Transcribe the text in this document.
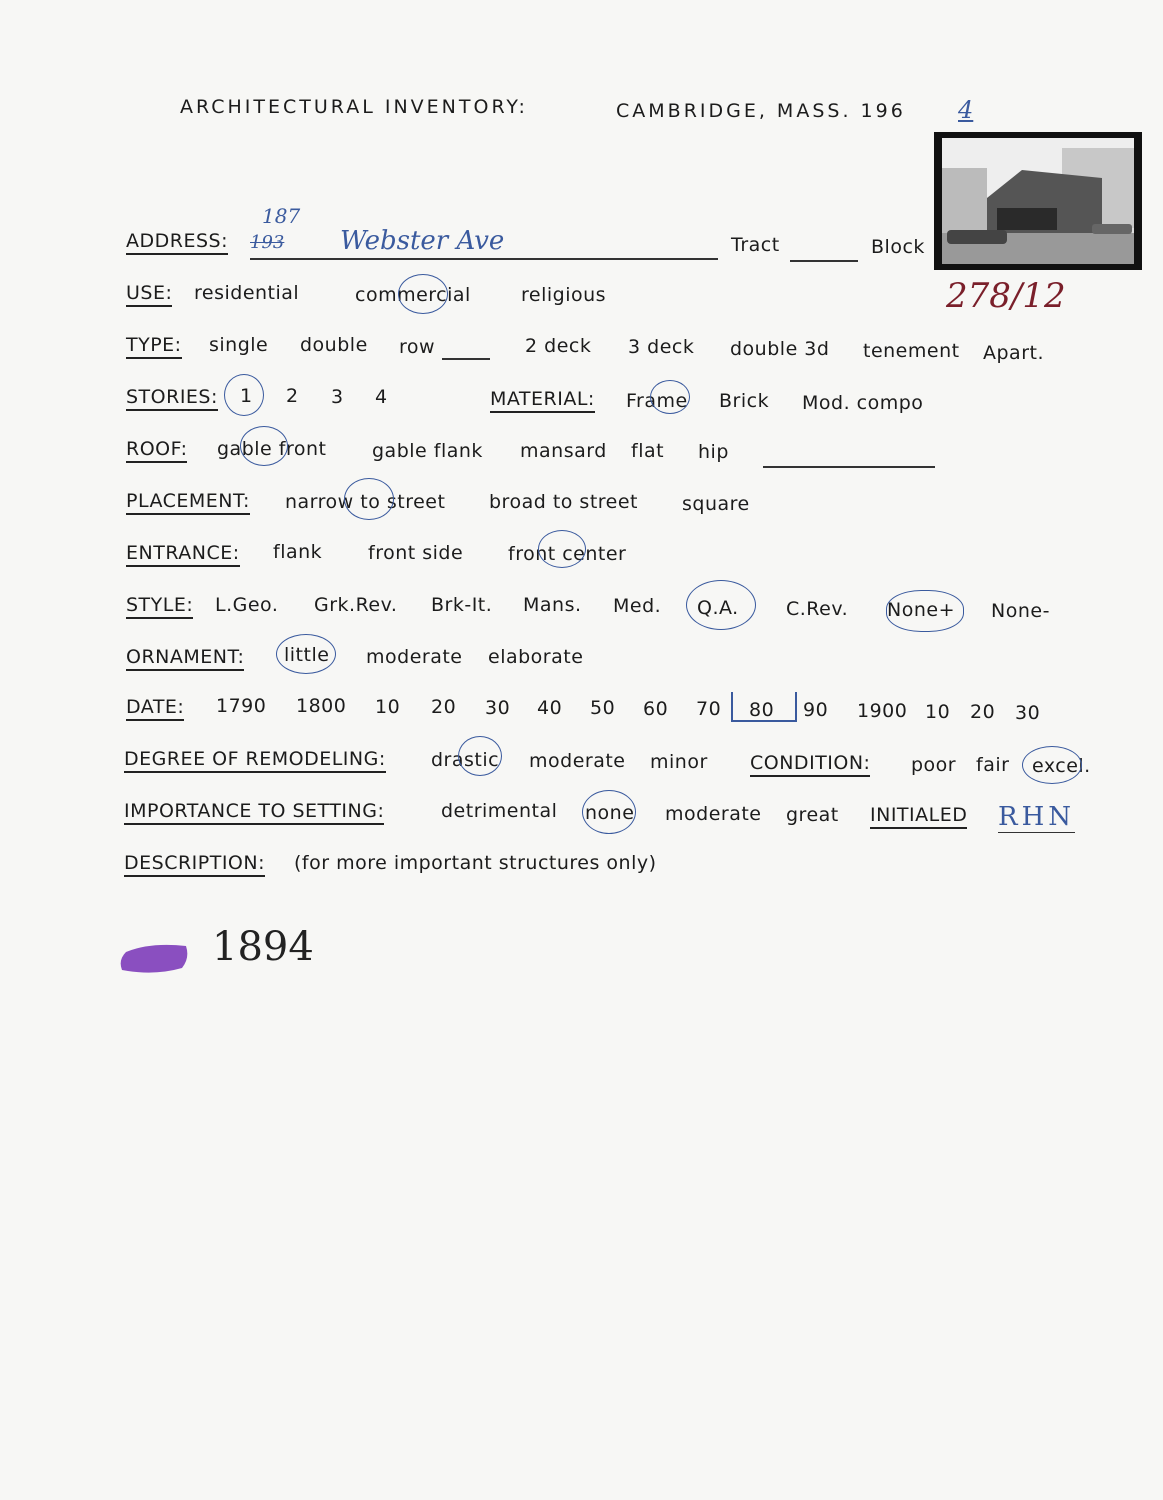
ARCHITECTURAL INVENTORY:	CAMBRIDGE, MASS. 196 4
278/12
ADDRESS:
187
193 Webster Ave	Tract	Block
USE: residential	commercial	religious
TYPE: single double row	2 deck 3 deck double 3d tenement Apart.
STORIES: 1 2 3 4	MATERIAL: Frame Brick Mod. compo
ROOF: gable front gable flank mansard flat hip
PLACEMENT: narrow to street broad to street square
ENTRANCE: flank front side front center
STYLE: L.Geo. Grk.Rev. Brk-It. Mans. Med. Q.A. C.Rev. None+ None-
ORNAMENT: little moderate elaborate
DATE: 1790 1800 10 20 30 40 50 60 70 80 90 1900 10 20 30
DEGREE OF REMODELING: drastic moderate minor CONDITION: poor fair excel.
IMPORTANCE TO SETTING:	detrimental none moderate great INITIALED RHN
DESCRIPTION: (for more important structures only)
1894
